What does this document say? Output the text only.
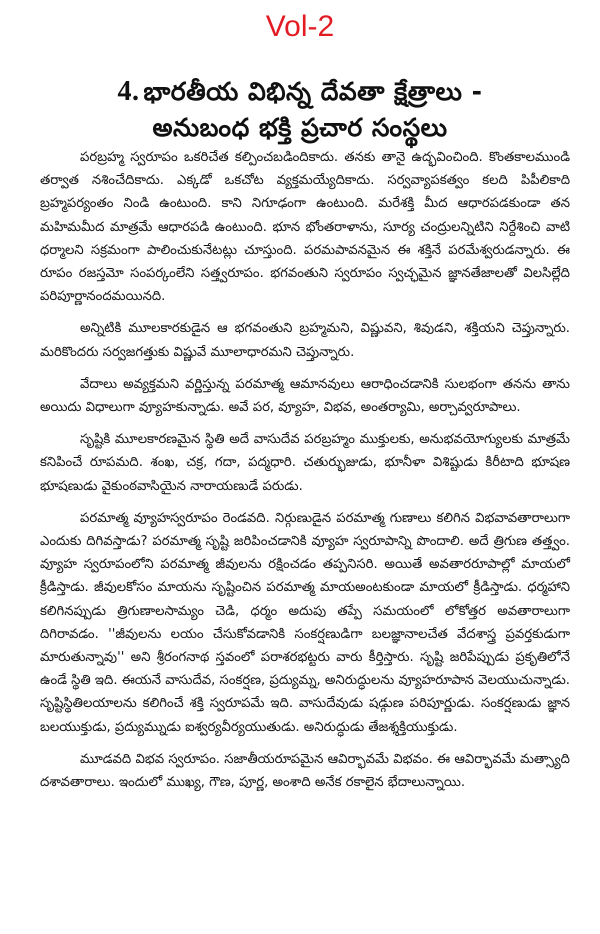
Vol-2
4. భారతీయ విభిన్న దేవతా క్షేత్రాలు -
అనుబంధ భక్తి ప్రచార సంస్థలు

పరబ్రహ్మ స్వరూపం ఒకరిచేత కల్పించబడిందికాదు. తనకు తానై ఉద్భవించింది. కొంతకాలముండి తర్వాత నశించేదికాదు. ఎక్కడో ఒకచోట వ్యక్తమయ్యేదికాదు. సర్వవ్యాపకత్వం కలది పిపీలికాది బ్రహ్మపర్యంతం నిండి ఉంటుంది. కాని నిగూఢంగా ఉంటుంది. మరేశక్తి మీద ఆధారపడకుండా తన మహిమమీద మాత్రమే ఆధారపడి ఉంటుంది. భూన భోంతరాళాను, సూర్య చంద్రులన్నిటిని నిర్దేశించి వాటి ధర్మాలని సక్రమంగా పాలించుకునేటట్లు చూస్తుంది. పరమపావనమైన ఈ శక్తినే పరమేశ్వరుడన్నారు. ఈ రూపం రజస్తమో సంపర్కంలేని సత్త్వరూపం. భగవంతుని స్వరూపం స్వచ్ఛమైన జ్ఞానతేజాలతో విలసిల్లేది పరిపూర్ణానందమయినది.

అన్నిటికి మూలకారకుడైన ఆ భగవంతుని బ్రహ్మమని, విష్ణువని, శివుడని, శక్తియని చెప్తున్నారు. మరికొందరు సర్వజగత్తుకు విష్ణువే మూలాధారమని చెప్తున్నారు.

వేదాలు అవ్యక్తమని వర్ణిస్తున్న పరమాత్మ ఆమానవులు ఆరాధించడానికి సులభంగా తనను తాను అయిదు విధాలుగా వ్యూహకున్నాడు. అవే పర, వ్యూహ, విభవ, అంతర్యామి, అర్చావ్వరూపాలు.

సృష్టికి మూలకారణమైన స్థితి అదే వాసుదేవ పరబ్రహ్మం ముక్తులకు, అనుభవయోగ్యులకు మాత్రమే కనిపించే రూపమది. శంఖ, చక్ర, గదా, పద్మధారి. చతుర్భుజుడు, భూనీళా విశిష్టుడు కిరీటాది భూషణ భూషణుడు వైకుంఠవాసియైన నారాయణుడే పరుడు.

పరమాత్మ వ్యూహస్వరూపం రెండవది. నిర్గుణుడైన పరమాత్మ గుణాలు కలిగిన విభవావతారాలుగా ఎందుకు దిగివస్తాడు? పరమాత్మ సృష్టి జరిపించడానికి వ్యూహ స్వరూపాన్ని పొందాలి. అదే త్రిగుణ తత్త్వం. వ్యూహ స్వరూపంలోని పరమాత్మ జీవులను రక్షించడం తప్పనిసరి. అయితే అవతారరూపాల్లో మాయలో క్రీడిస్తాడు. జీవులకోసం మాయను సృష్టించిన పరమాత్మ మాయఅంటకుండా మాయలో క్రీడిస్తాడు. ధర్మహాని కలిగినప్పుడు త్రిగుణాలసామ్యం చెడి, ధర్మం అదుపు తప్పే సమయంలో లోకోత్తర అవతారాలుగా దిగిరావడం. ''జీవులను లయం చేసుకోవడానికి సంకర్షణుడిగా బలజ్ఞానాలచేత వేదశాస్త్ర ప్రవర్తకుడుగా మారుతున్నావు'' అని శ్రీరంగనాథ స్తవంలో పరాశరభట్టరు వారు కీర్తిస్తారు. సృష్టి జరిపేప్పుడు ప్రకృతిలోనే ఉండే స్థితి ఇది. ఈయనే వాసుదేవ, సంకర్షణ, ప్రద్యుమ్న, అనిరుద్ధులను వ్యూహరూపాన వెలయుచున్నాడు. సృష్టిస్థితిలయాలను కలిగించే శక్తి స్వరూపమే ఇది. వాసుదేవుడు షడ్గుణ పరిపూర్ణుడు. సంకర్షణుడు జ్ఞాన బలయుక్తుడు, ప్రద్యుమ్నుడు ఐశ్వర్యవీర్యయుతుడు. అనిరుద్ధుడు తేజశ్శక్తియుక్తుడు.

మూడవది విభవ స్వరూపం. సజాతీయరూపమైన ఆవిర్భావమే విభవం. ఈ ఆవిర్భావమే మత్స్యాది దశావతారాలు. ఇందులో ముఖ్య, గౌణ, పూర్ణ, అంశాది అనేక రకాలైన భేదాలున్నాయి.
